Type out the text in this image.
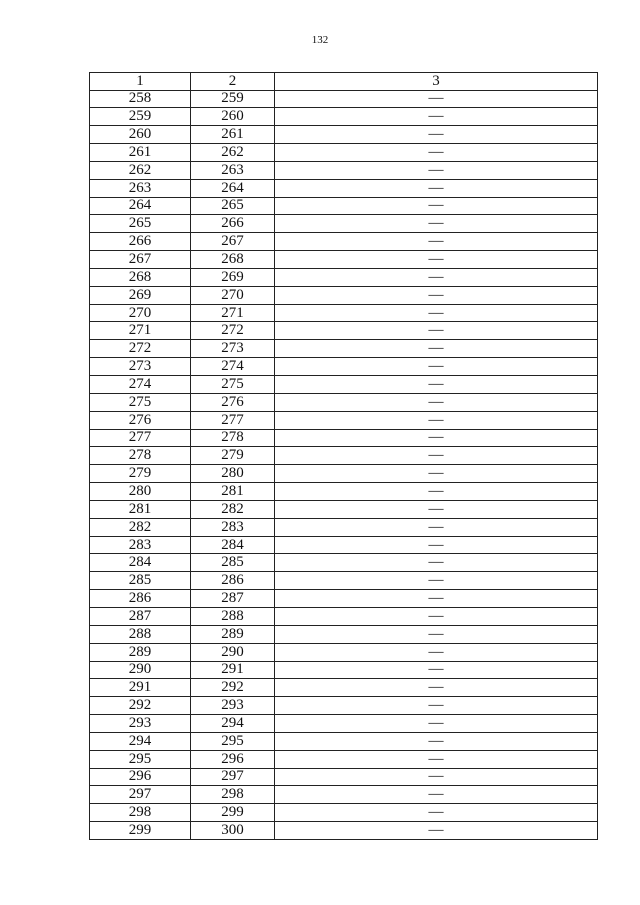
132
1	2	3
258	259	—
259	260	—
260	261	—
261	262	—
262	263	—
263	264	—
264	265	—
265	266	—
266	267	—
267	268	—
268	269	—
269	270	—
270	271	—
271	272	—
272	273	—
273	274	—
274	275	—
275	276	—
276	277	—
277	278	—
278	279	—
279	280	—
280	281	—
281	282	—
282	283	—
283	284	—
284	285	—
285	286	—
286	287	—
287	288	—
288	289	—
289	290	—
290	291	—
291	292	—
292	293	—
293	294	—
294	295	—
295	296	—
296	297	—
297	298	—
298	299	—
299	300	—
